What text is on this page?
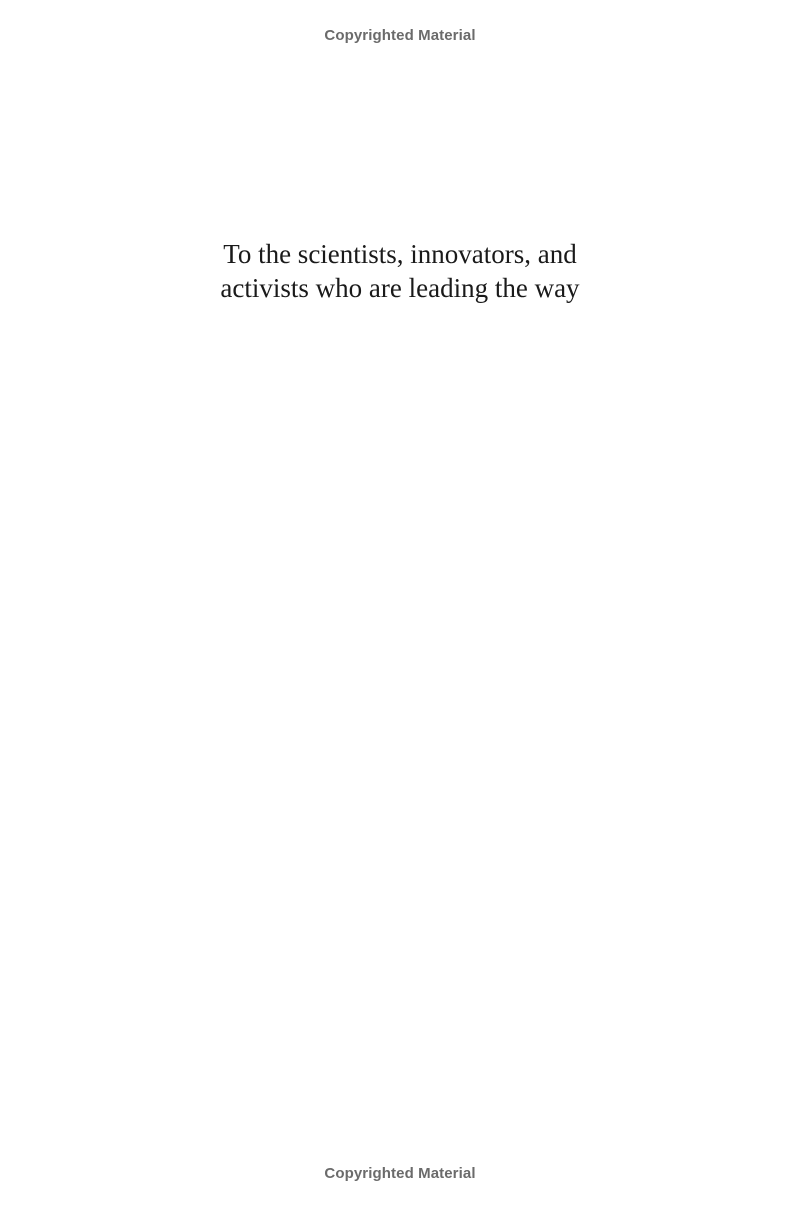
Copyrighted Material
To the scientists, innovators, and
activists who are leading the way
Copyrighted Material
